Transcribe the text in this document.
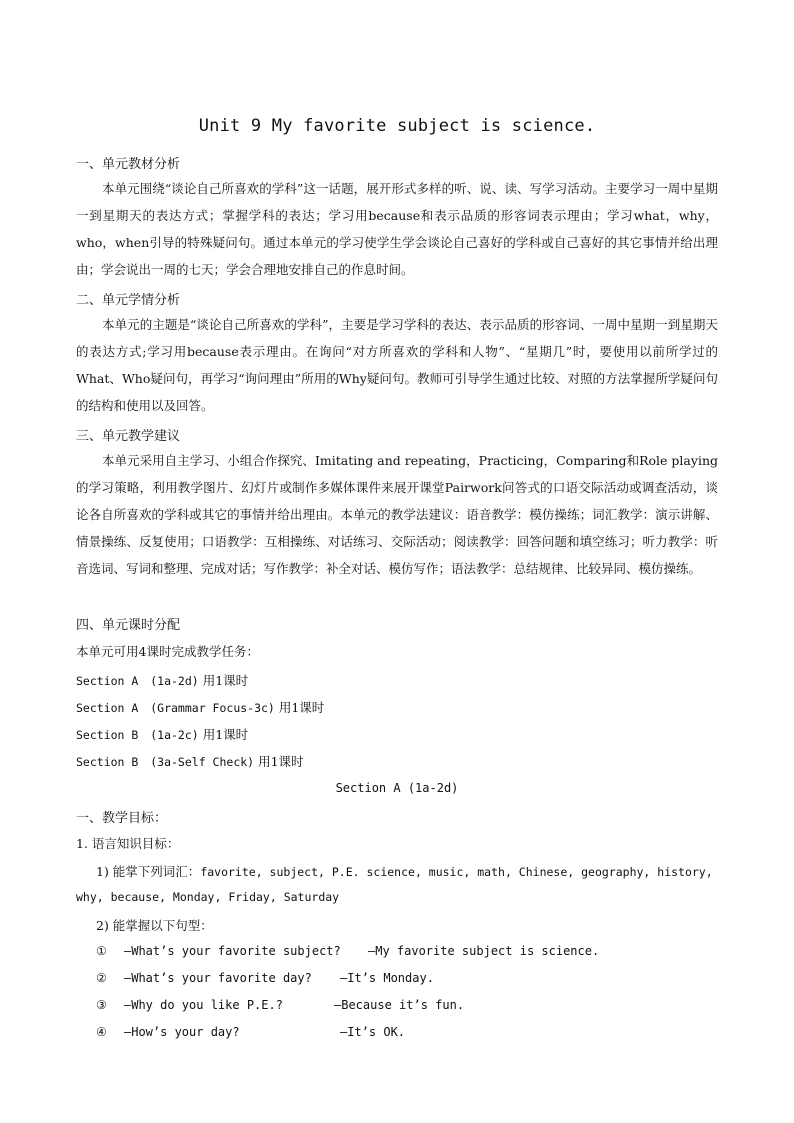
Unit 9 My favorite subject is science.
一、单元教材分析

本单元围绕“谈论自己所喜欢的学科”这一话题，展开形式多样的听、说、读、写学习活动。主要学习一周中星期一到星期天的表达方式；掌握学科的表达；学习用because和表示品质的形容词表示理由；学习what，why，who，when引导的特殊疑问句。通过本单元的学习使学生学会谈论自己喜好的学科或自己喜好的其它事情并给出理由；学会说出一周的七天；学会合理地安排自己的作息时间。

二、单元学情分析

本单元的主题是“谈论自己所喜欢的学科”，主要是学习学科的表达、表示品质的形容词、一周中星期一到星期天的表达方式;学习用because表示理由。在询问“对方所喜欢的学科和人物”、“星期几”时，要使用以前所学过的What、Who疑问句，再学习“询问理由”所用的Why疑问句。教师可引导学生通过比较、对照的方法掌握所学疑问句的结构和使用以及回答。

三、单元教学建议

本单元采用自主学习、小组合作探究、Imitating and repeating，Practicing，Comparing和Role playing的学习策略，利用教学图片、幻灯片或制作多媒体课件来展开课堂Pairwork问答式的口语交际活动或调查活动，谈论各自所喜欢的学科或其它的事情并给出理由。本单元的教学法建议：语音教学：模仿操练；词汇教学：演示讲解、情景操练、反复使用；口语教学：互相操练、对话练习、交际活动；阅读教学：回答问题和填空练习；听力教学：听音选词、写词和整理、完成对话；写作教学：补全对话、模仿写作；语法教学：总结规律、比较异同、模仿操练。

四、单元课时分配
本单元可用4课时完成教学任务：
Section A (1a-2d) 用1课时
Section A (Grammar Focus-3c) 用1课时
Section B (1a-2c) 用1课时
Section B (3a-Self Check) 用1课时
Section A (1a-2d)
一、教学目标：
1. 语言知识目标：
1) 能掌下列词汇：favorite, subject, P.E. science, music, math, Chinese, geography, history,
why, because, Monday, Friday, Saturday
2) 能掌握以下句型：
① —What’s your favorite subject? —My favorite subject is science.
② —What’s your favorite day? —It’s Monday.
③ —Why do you like P.E.?	—Because it’s fun.
④ —How’s your day?	—It’s OK.
